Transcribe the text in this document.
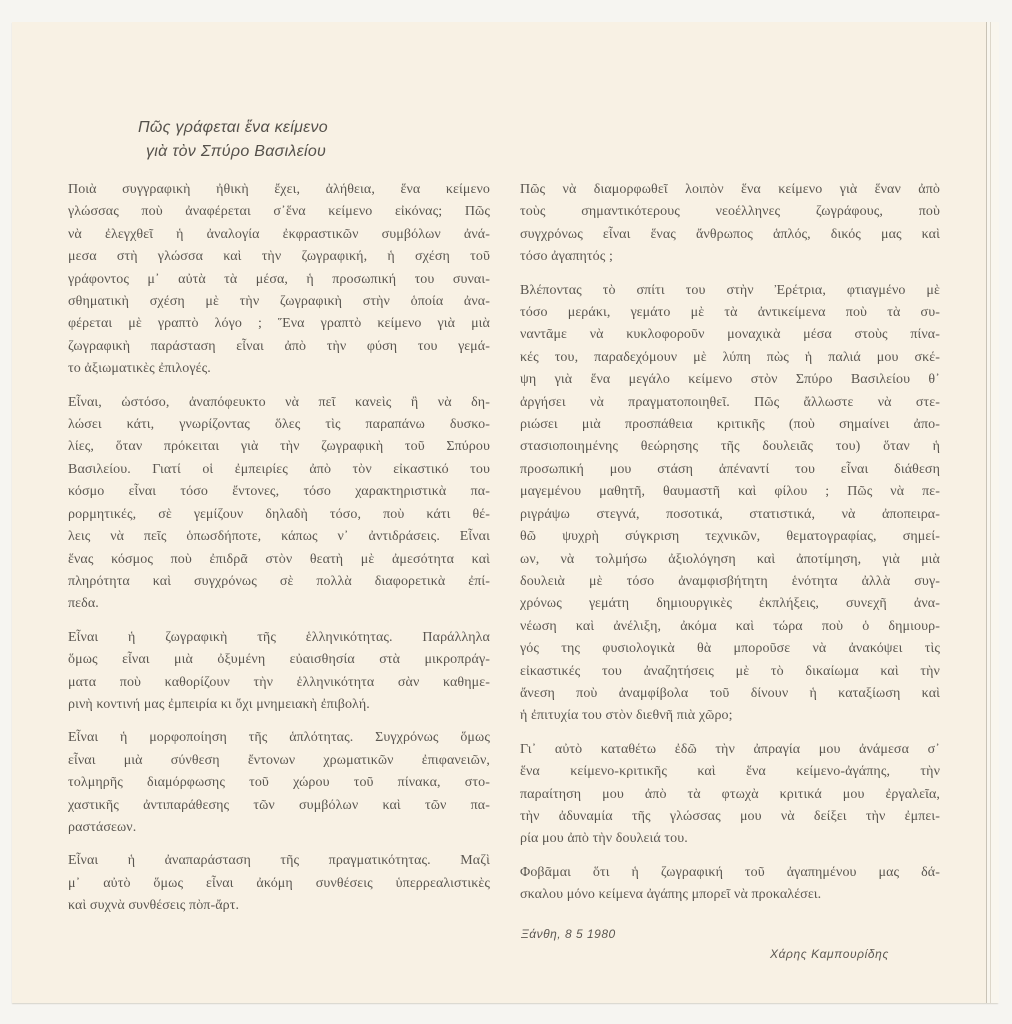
Πῶς γράφεται ἕνα κείμενο
γιὰ τὸν Σπύρο Βασιλείου
Ποιὰ συγγραφικὴ ἠθικὴ ἔχει, ἀλήθεια, ἕνα κείμενο
γλώσσας ποὺ ἀναφέρεται σ᾽ἕνα κείμενο εἰκόνας; Πῶς
νὰ ἐλεγχθεῖ ἡ ἀναλογία ἐκφραστικῶν συμβόλων ἀνά-
μεσα στὴ γλώσσα καὶ τὴν ζωγραφική, ἡ σχέση τοῦ
γράφοντος μ᾽ αὐτὰ τὰ μέσα, ἡ προσωπική του συναι-
σθηματικὴ σχέση μὲ τὴν ζωγραφικὴ στὴν ὁποία ἀνα-
φέρεται μὲ γραπτὸ λόγο ; Ἕνα γραπτὸ κείμενο γιὰ μιὰ
ζωγραφικὴ παράσταση εἶναι ἀπὸ τὴν φύση του γεμά-
το ἀξιωματικὲς ἐπιλογές.
Εἶναι, ὡστόσο, ἀναπόφευκτο νὰ πεῖ κανεὶς ἢ νὰ δη-
λώσει κάτι, γνωρίζοντας ὅλες τὶς παραπάνω δυσκο-
λίες, ὅταν πρόκειται γιὰ τὴν ζωγραφικὴ τοῦ Σπύρου
Βασιλείου. Γιατί οἱ ἐμπειρίες ἀπὸ τὸν εἰκαστικό του
κόσμο εἶναι τόσο ἔντονες, τόσο χαρακτηριστικὰ πα-
ρορμητικές, σὲ γεμίζουν δηλαδὴ τόσο, ποὺ κάτι θέ-
λεις νὰ πεῖς ὁπωσδήποτε, κάπως ν᾽ ἀντιδράσεις. Εἶναι
ἕνας κόσμος ποὺ ἐπιδρᾶ στὸν θεατὴ μὲ ἀμεσότητα καὶ
πληρότητα καὶ συγχρόνως σὲ πολλὰ διαφορετικὰ ἐπί-
πεδα.
Εἶναι ἡ ζωγραφικὴ τῆς ἑλληνικότητας. Παράλληλα
ὅμως εἶναι μιὰ ὀξυμένη εὐαισθησία στὰ μικροπράγ-
ματα ποὺ καθορίζουν τὴν ἑλληνικότητα σὰν καθημε-
ρινὴ κοντινή μας ἐμπειρία κι ὄχι μνημειακὴ ἐπιβολή.
Εἶναι ἡ μορφοποίηση τῆς ἁπλότητας. Συγχρόνως ὅμως
εἶναι μιὰ σύνθεση ἔντονων χρωματικῶν ἐπιφανειῶν,
τολμηρῆς διαμόρφωσης τοῦ χώρου τοῦ πίνακα, στο-
χαστικῆς ἀντιπαράθεσης τῶν συμβόλων καὶ τῶν πα-
ραστάσεων.
Εἶναι ἡ ἀναπαράσταση τῆς πραγματικότητας. Μαζὶ
μ᾽ αὐτὸ ὅμως εἶναι ἀκόμη συνθέσεις ὑπερρεαλιστικὲς
καὶ συχνὰ συνθέσεις πὸπ-ἄρτ.
Πῶς νὰ διαμορφωθεῖ λοιπὸν ἕνα κείμενο γιὰ ἕναν ἀπὸ
τοὺς σημαντικότερους νεοέλληνες ζωγράφους, ποὺ
συγχρόνως εἶναι ἕνας ἄνθρωπος ἁπλός, δικός μας καὶ
τόσο ἀγαπητός ;
Βλέποντας τὸ σπίτι του στὴν Ἐρέτρια, φτιαγμένο μὲ
τόσο μεράκι, γεμάτο μὲ τὰ ἀντικείμενα ποὺ τὰ συ-
ναντᾶμε νὰ κυκλοφοροῦν μοναχικὰ μέσα στοὺς πίνα-
κές του, παραδεχόμουν μὲ λύπη πὼς ἡ παλιά μου σκέ-
ψη γιὰ ἕνα μεγάλο κείμενο στὸν Σπύρο Βασιλείου θ᾽
ἀργήσει νὰ πραγματοποιηθεῖ. Πῶς ἄλλωστε νὰ στε-
ριώσει μιὰ προσπάθεια κριτικῆς (ποὺ σημαίνει ἀπο-
στασιοποιημένης θεώρησης τῆς δουλειᾶς του) ὅταν ἡ
προσωπική μου στάση ἀπέναντί του εἶναι διάθεση
μαγεμένου μαθητῆ, θαυμαστῆ καὶ φίλου ; Πῶς νὰ πε-
ριγράψω στεγνά, ποσοτικά, στατιστικά, νὰ ἀποπειρα-
θῶ ψυχρὴ σύγκριση τεχνικῶν, θεματογραφίας, σημεί-
ων, νὰ τολμήσω ἀξιολόγηση καὶ ἀποτίμηση, γιὰ μιὰ
δουλειὰ μὲ τόσο ἀναμφισβήτητη ἑνότητα ἀλλὰ συγ-
χρόνως γεμάτη δημιουργικὲς ἐκπλήξεις, συνεχῆ ἀνα-
νέωση καὶ ἀνέλιξη, ἀκόμα καὶ τώρα ποὺ ὁ δημιουρ-
γός της φυσιολογικὰ θὰ μποροῦσε νὰ ἀνακόψει τὶς
εἰκαστικές του ἀναζητήσεις μὲ τὸ δικαίωμα καὶ τὴν
ἄνεση ποὺ ἀναμφίβολα τοῦ δίνουν ἡ καταξίωση καὶ
ἡ ἐπιτυχία του στὸν διεθνῆ πιὰ χῶρο;
Γι᾽ αὐτὸ καταθέτω ἐδῶ τὴν ἀπραγία μου ἀνάμεσα σ᾽
ἕνα κείμενο-κριτικῆς καὶ ἕνα κείμενο-ἀγάπης, τὴν
παραίτηση μου ἀπὸ τὰ φτωχὰ κριτικά μου ἐργαλεῖα,
τὴν ἀδυναμία τῆς γλώσσας μου νὰ δείξει τὴν ἐμπει-
ρία μου ἀπὸ τὴν δουλειά του.
Φοβᾶμαι ὅτι ἡ ζωγραφική τοῦ ἀγαπημένου μας δά-
σκαλου μόνο κείμενα ἀγάπης μπορεῖ νὰ προκαλέσει.
Ξάνθη, 8 5 1980
Χάρης Καμπουρίδης
